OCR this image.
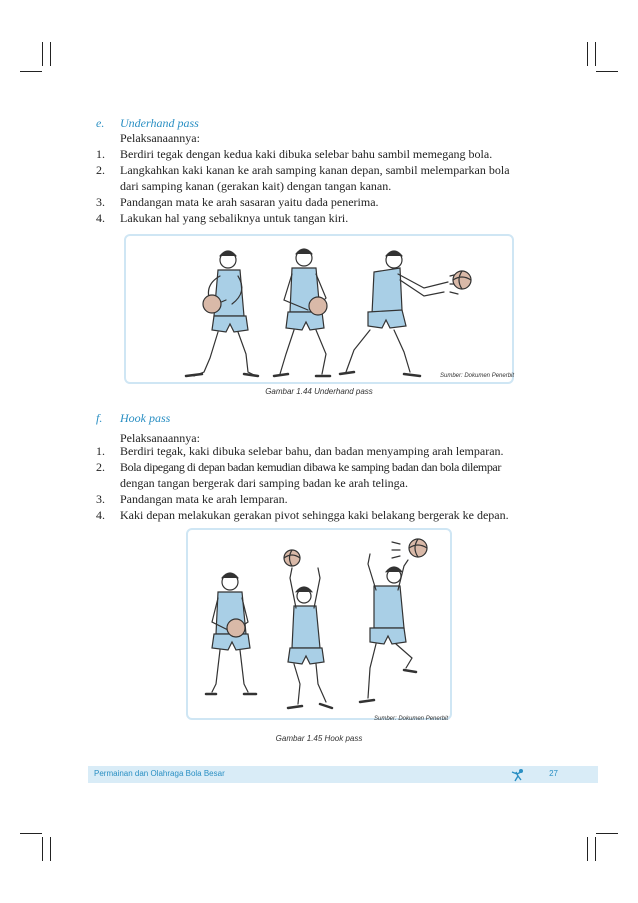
e. Underhand pass
Pelaksanaannya:
1. Berdiri tegak dengan kedua kaki dibuka selebar bahu sambil memegang bola.
2. Langkahkan kaki kanan ke arah samping kanan depan, sambil melemparkan bola
dari samping kanan (gerakan kait) dengan tangan kanan.
3. Pandangan mata ke arah sasaran yaitu dada penerima.
4. Lakukan hal yang sebaliknya untuk tangan kiri.
Sumber: Dokumen Penerbit
Gambar 1.44 Underhand pass
f. Hook pass
Pelaksanaannya:
1. Berdiri tegak, kaki dibuka selebar bahu, dan badan menyamping arah lemparan.
2. Bola dipegang di depan badan kemudian dibawa ke samping badan dan bola dilempar
dengan tangan bergerak dari samping badan ke arah telinga.
3. Pandangan mata ke arah lemparan.
4. Kaki depan melakukan gerakan pivot sehingga kaki belakang bergerak ke depan.
Sumber: Dokumen Penerbit
Gambar 1.45 Hook pass
Permainan dan Olahraga Bola Besar	27
